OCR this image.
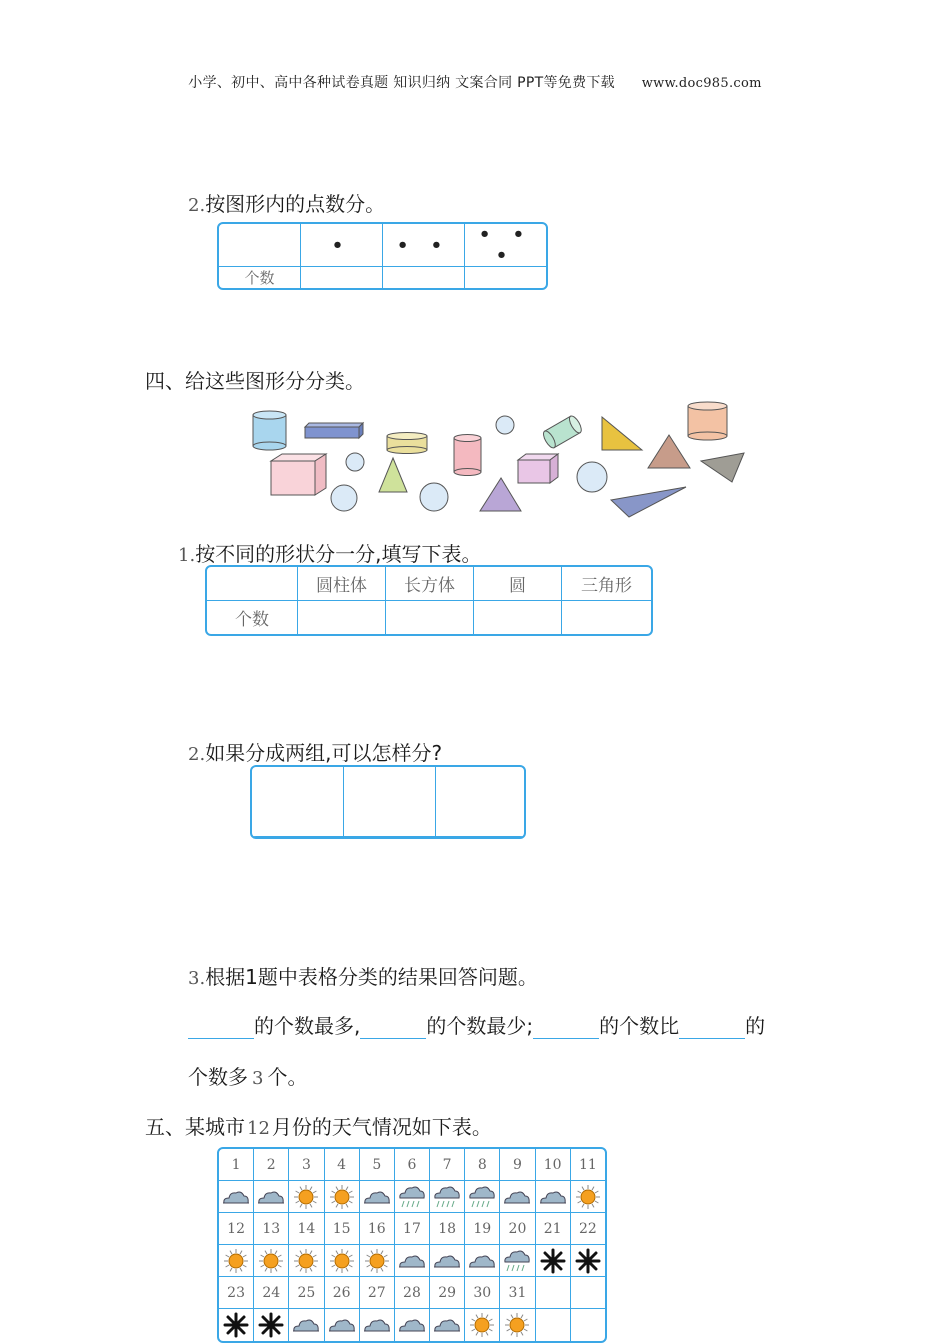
小学、初中、高中各种试卷真题 知识归纳 文案合同 PPT等免费下载 www.doc985.com
2.按图形内的点数分。
	•	• •	• • •
个数			
四、给这些图形分分类。
1.按不同的形状分一分,填写下表。
	圆柱体	长方体	圆	三角形
个数				
2.如果分成两组,可以怎样分?

3.根据1题中表格分类的结果回答问题。
的个数最多,	的个数最少;	的个数比	的
个数多 3 个。
五、某城市 12 月份的天气情况如下表。
1	2	3	4	5	6	7	8	9	10	11

12	13	14	15	16	17	18	19	20	21	22

23	24	25	26	27	28	29	30	31		
